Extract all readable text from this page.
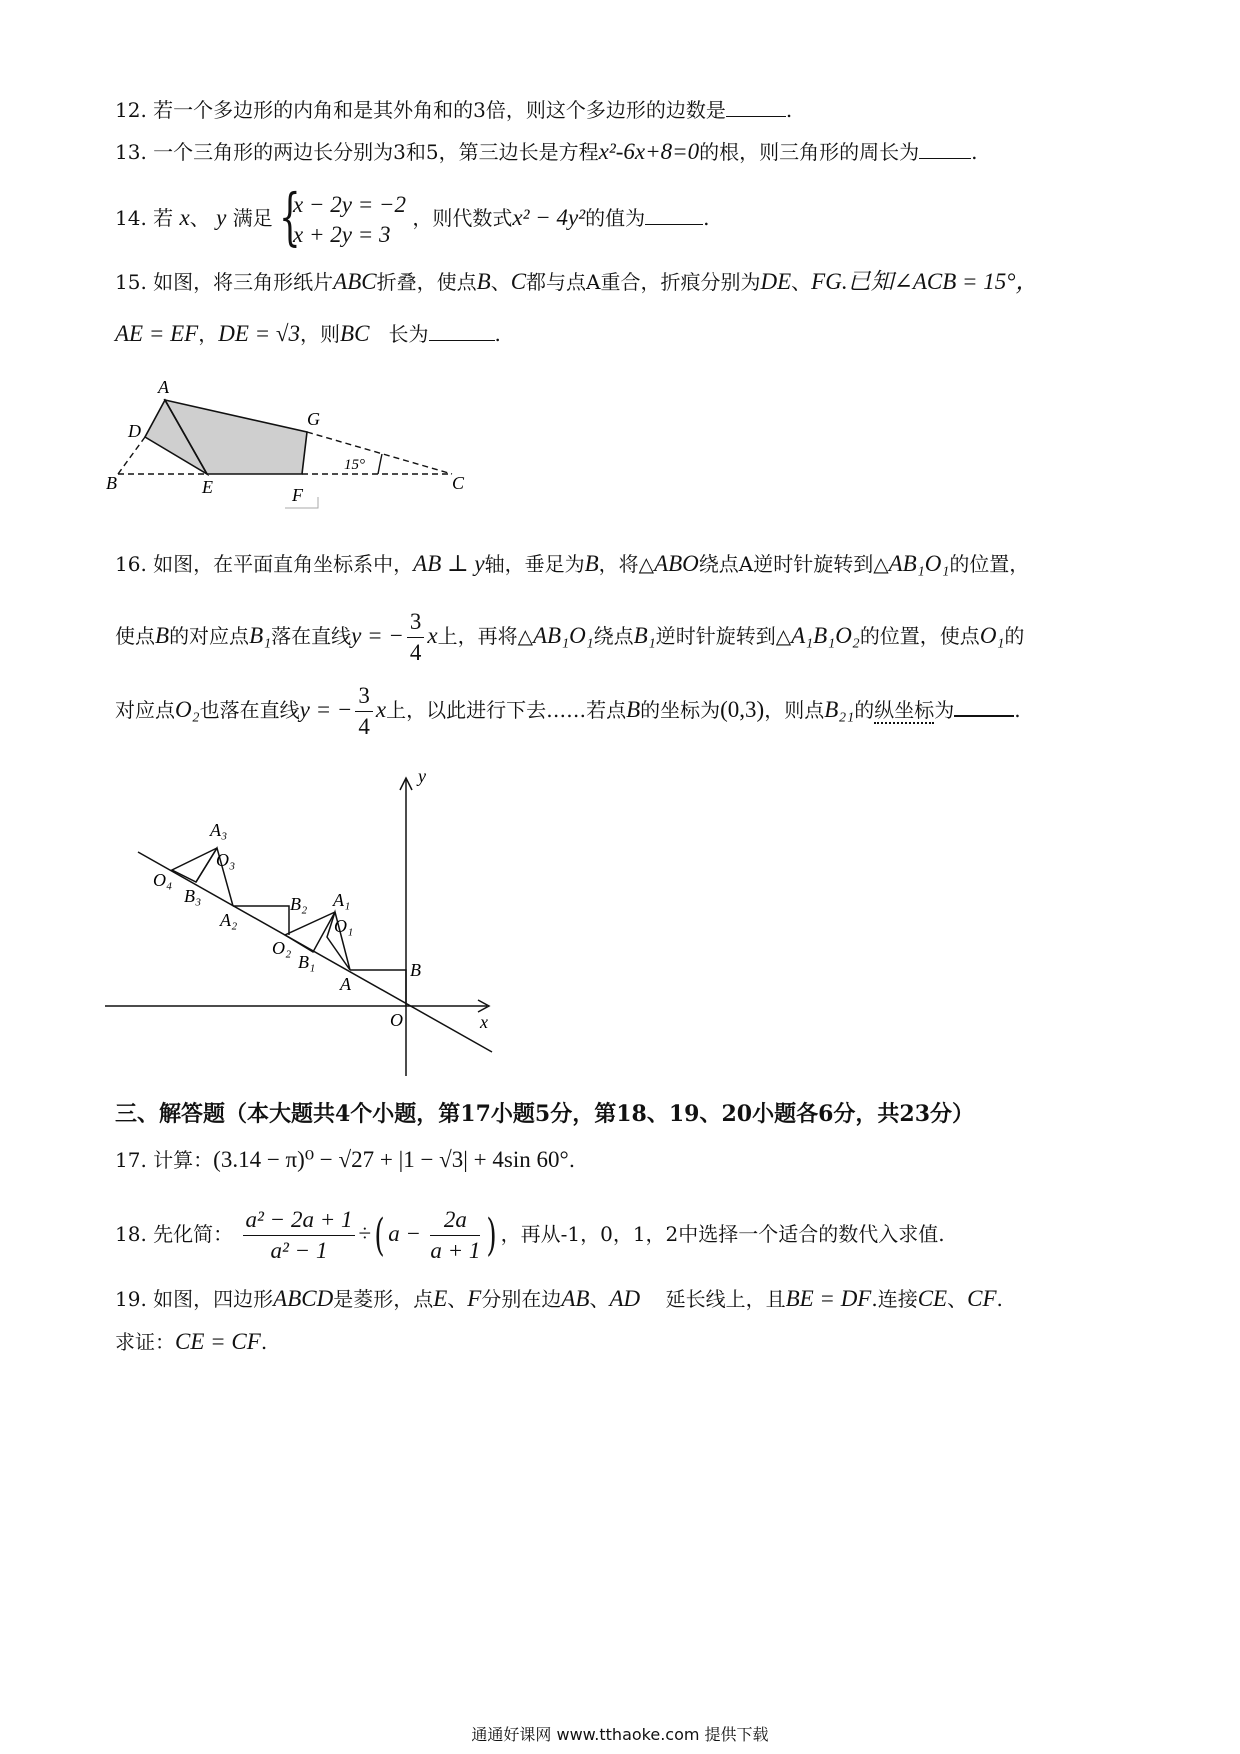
12. 若一个多边形的内角和是其外角和的3倍，则这个多边形的边数是	.
13. 一个三角形的两边长分别为3和5，第三边长是方程x²-6x+8=0的根，则三角形的周长为	.
14. 若 x、 y 满足 {
x − 2y = −2
x + 2y = 3
，则代数式x² − 4y²的值为	.
15. 如图，将三角形纸片ABC折叠，使点B、C都与点A重合，折痕分别为DE、FG.已知∠ACB = 15°，
AE = EF，DE = √3，则BC 长为	.
A
G
D
B	E	F
C
15°
16. 如图，在平面直角坐标系中，AB ⊥ y轴，垂足为B，将△ABO绕点A逆时针旋转到△AB₁O₁的位置，
使点B的对应点B₁落在直线y = − $\frac{3}{4}$ x上，再将△AB₁O₁绕点B₁逆时针旋转到△A₁B₁O₂的位置，使点O₁的
对应点O₂也落在直线y = − $\frac{3}{4}$ x上，以此进行下去……若点B的坐标为(0,3)，则点B₂₁的纵坐标为	.
y
x
O
A
B
B₁
O₁
A₁
O₂
B₂
A₂
B₃
O₃
A₃
O₄
三、解答题（本大题共4个小题，第17小题5分，第18、19、20小题各6分，共23分）
17. 计算：(3.14 − π)⁰ − √27 + |1 − √3| + 4sin 60°.
18. 先化简： $\frac{\text{a² − 2a + 1}}{\text{a² − 1}}$ ÷( $a - \frac{2a}{a + 1}$ ) ，再从-1，0，1，2中选择一个适合的数代入求值.
19. 如图，四边形ABCD是菱形，点E、F分别在边AB、AD 延长线上，且BE = DF.连接CE、CF.
求证：CE = CF.
通通好课网 www.tthaoke.com 提供下载
